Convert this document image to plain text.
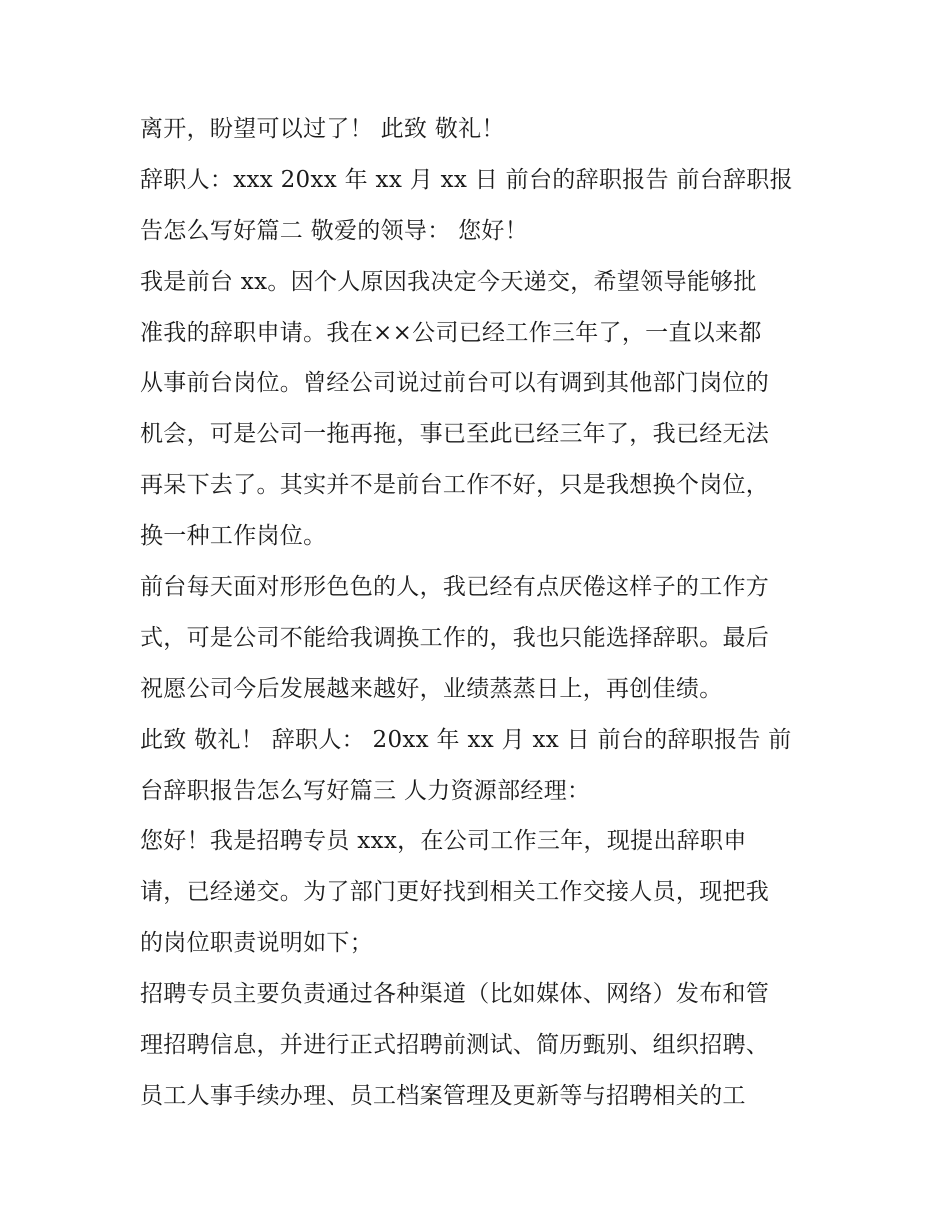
离开，盼望可以过了！ 此致 敬礼！
辞职人：xxx 20xx 年 xx 月 xx 日 前台的辞职报告 前台辞职报
告怎么写好篇二 敬爱的领导： 您好！
我是前台 xx。因个人原因我决定今天递交，希望领导能够批
准我的辞职申请。我在××公司已经工作三年了，一直以来都
从事前台岗位。曾经公司说过前台可以有调到其他部门岗位的
机会，可是公司一拖再拖，事已至此已经三年了，我已经无法
再呆下去了。其实并不是前台工作不好，只是我想换个岗位，
换一种工作岗位。
前台每天面对形形色色的人，我已经有点厌倦这样子的工作方
式，可是公司不能给我调换工作的，我也只能选择辞职。最后
祝愿公司今后发展越来越好，业绩蒸蒸日上，再创佳绩。
此致 敬礼！ 辞职人： 20xx 年 xx 月 xx 日 前台的辞职报告 前
台辞职报告怎么写好篇三 人力资源部经理：
您好！我是招聘专员 xxx，在公司工作三年，现提出辞职申
请，已经递交。为了部门更好找到相关工作交接人员，现把我
的岗位职责说明如下；
招聘专员主要负责通过各种渠道（比如媒体、网络）发布和管
理招聘信息，并进行正式招聘前测试、简历甄别、组织招聘、
员工人事手续办理、员工档案管理及更新等与招聘相关的工
